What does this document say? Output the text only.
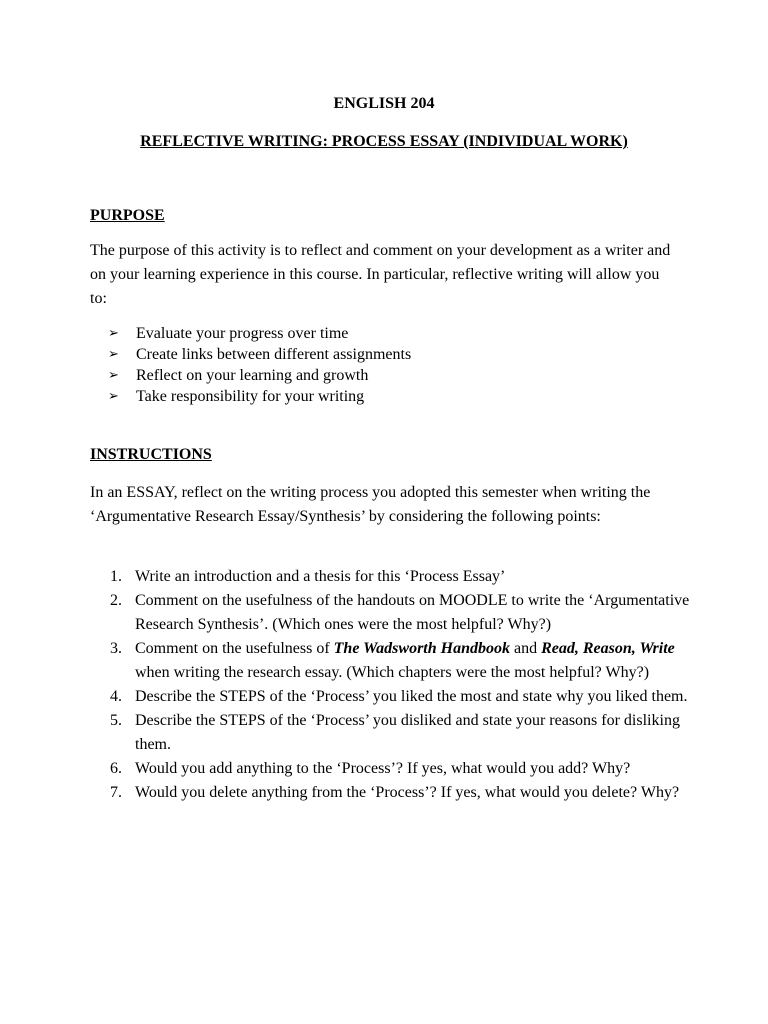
ENGLISH 204
REFLECTIVE WRITING: PROCESS ESSAY (INDIVIDUAL WORK)
PURPOSE
The purpose of this activity is to reflect and comment on your development as a writer and on your learning experience in this course. In particular, reflective writing will allow you to:
➢ Evaluate your progress over time
➢ Create links between different assignments
➢ Reflect on your learning and growth
➢ Take responsibility for your writing
INSTRUCTIONS
In an ESSAY, reflect on the writing process you adopted this semester when writing the ‘Argumentative Research Essay/Synthesis’ by considering the following points:
1. Write an introduction and a thesis for this ‘Process Essay’
2. Comment on the usefulness of the handouts on MOODLE to write the ‘Argumentative Research Synthesis’. (Which ones were the most helpful? Why?)
3. Comment on the usefulness of The Wadsworth Handbook and Read, Reason, Write when writing the research essay. (Which chapters were the most helpful? Why?)
4. Describe the STEPS of the ‘Process’ you liked the most and state why you liked them.
5. Describe the STEPS of the ‘Process’ you disliked and state your reasons for disliking them.
6. Would you add anything to the ‘Process’? If yes, what would you add? Why?
7. Would you delete anything from the ‘Process’? If yes, what would you delete? Why?
